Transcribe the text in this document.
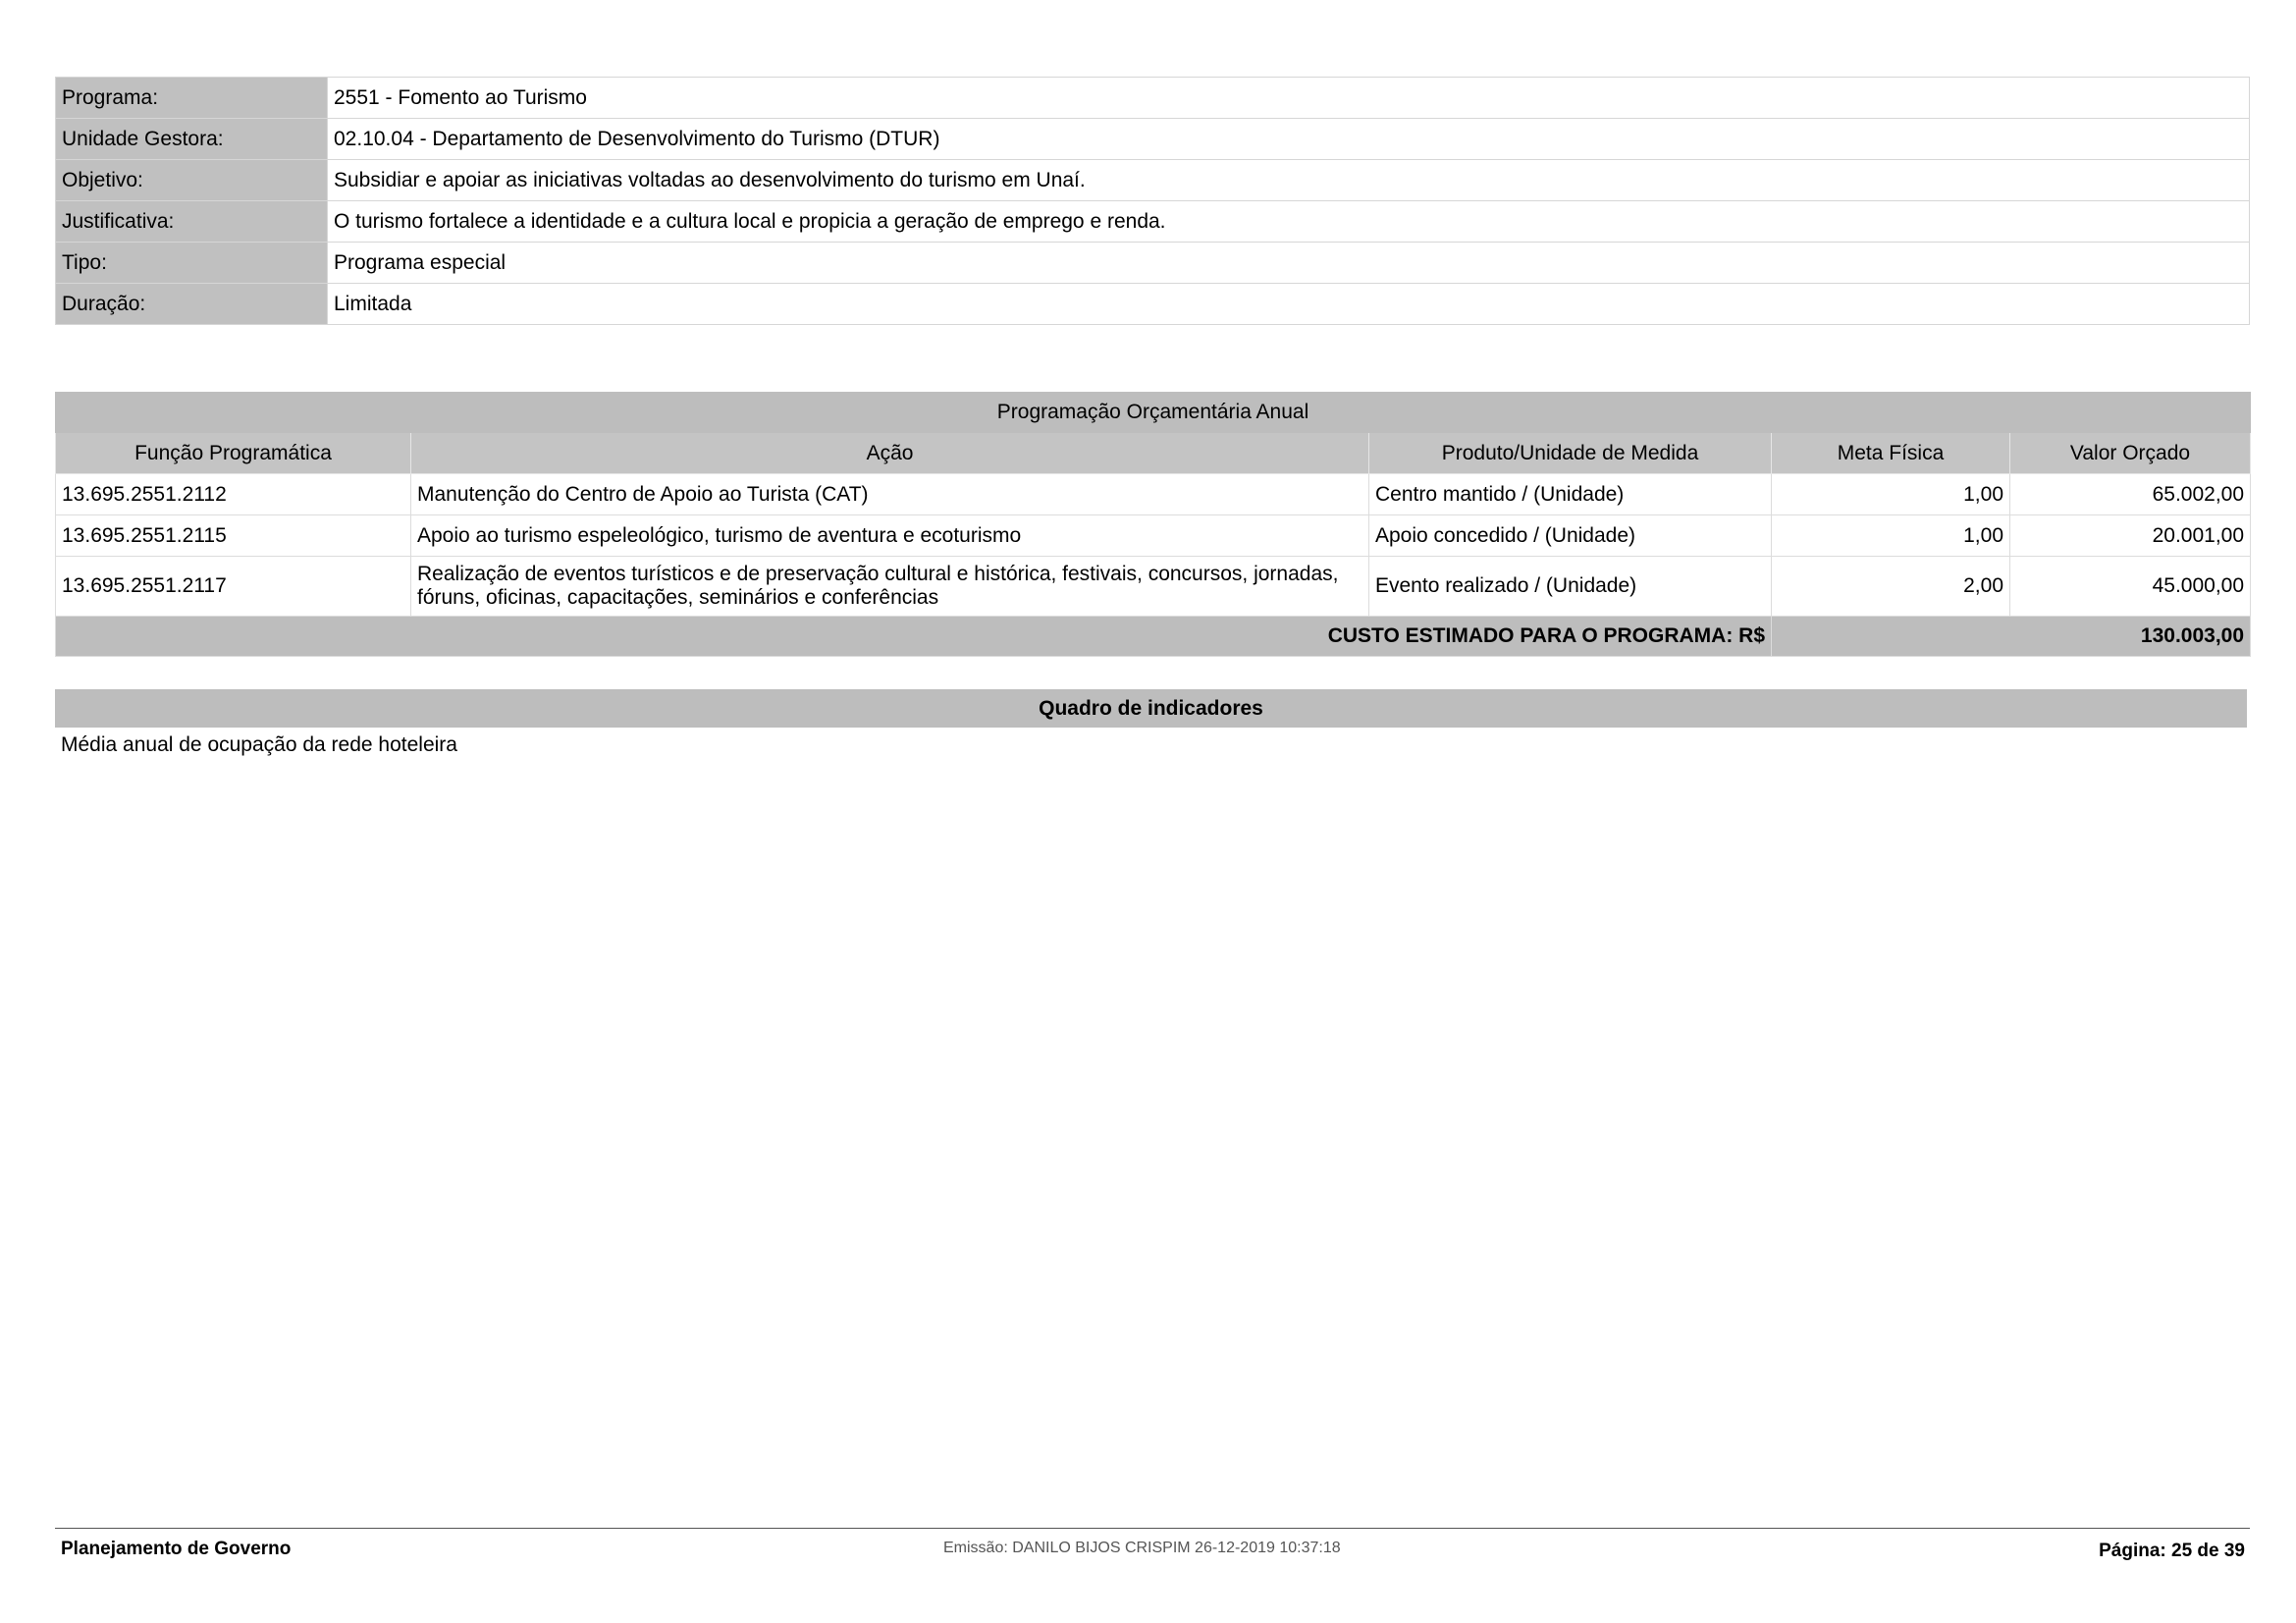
Programa:	2551 - Fomento ao Turismo
Unidade Gestora:	02.10.04 - Departamento de Desenvolvimento do Turismo (DTUR)
Objetivo:	Subsidiar e apoiar as iniciativas voltadas ao desenvolvimento do turismo em Unaí.
Justificativa:	O turismo fortalece a identidade e a cultura local e propicia a geração de emprego e renda.
Tipo:	Programa especial
Duração:	Limitada
Programação Orçamentária Anual				
Função Programática	Ação	Produto/Unidade de Medida	Meta Física	Valor Orçado
13.695.2551.2112	Manutenção do Centro de Apoio ao Turista (CAT)	Centro mantido / (Unidade)	1,00	65.002,00
13.695.2551.2115	Apoio ao turismo espeleológico, turismo de aventura e ecoturismo	Apoio concedido / (Unidade)	1,00	20.001,00
13.695.2551.2117	Realização de eventos turísticos e de preservação cultural e histórica, festivais, concursos, jornadas, fóruns, oficinas, capacitações, seminários e conferências	Evento realizado / (Unidade)	2,00	45.000,00
CUSTO ESTIMADO PARA O PROGRAMA: R$			130.003,00	
Quadro de indicadores
Média anual de ocupação da rede hoteleira
Planejamento de Governo	Emissão: DANILO BIJOS CRISPIM 26-12-2019 10:37:18	Página: 25 de 39
